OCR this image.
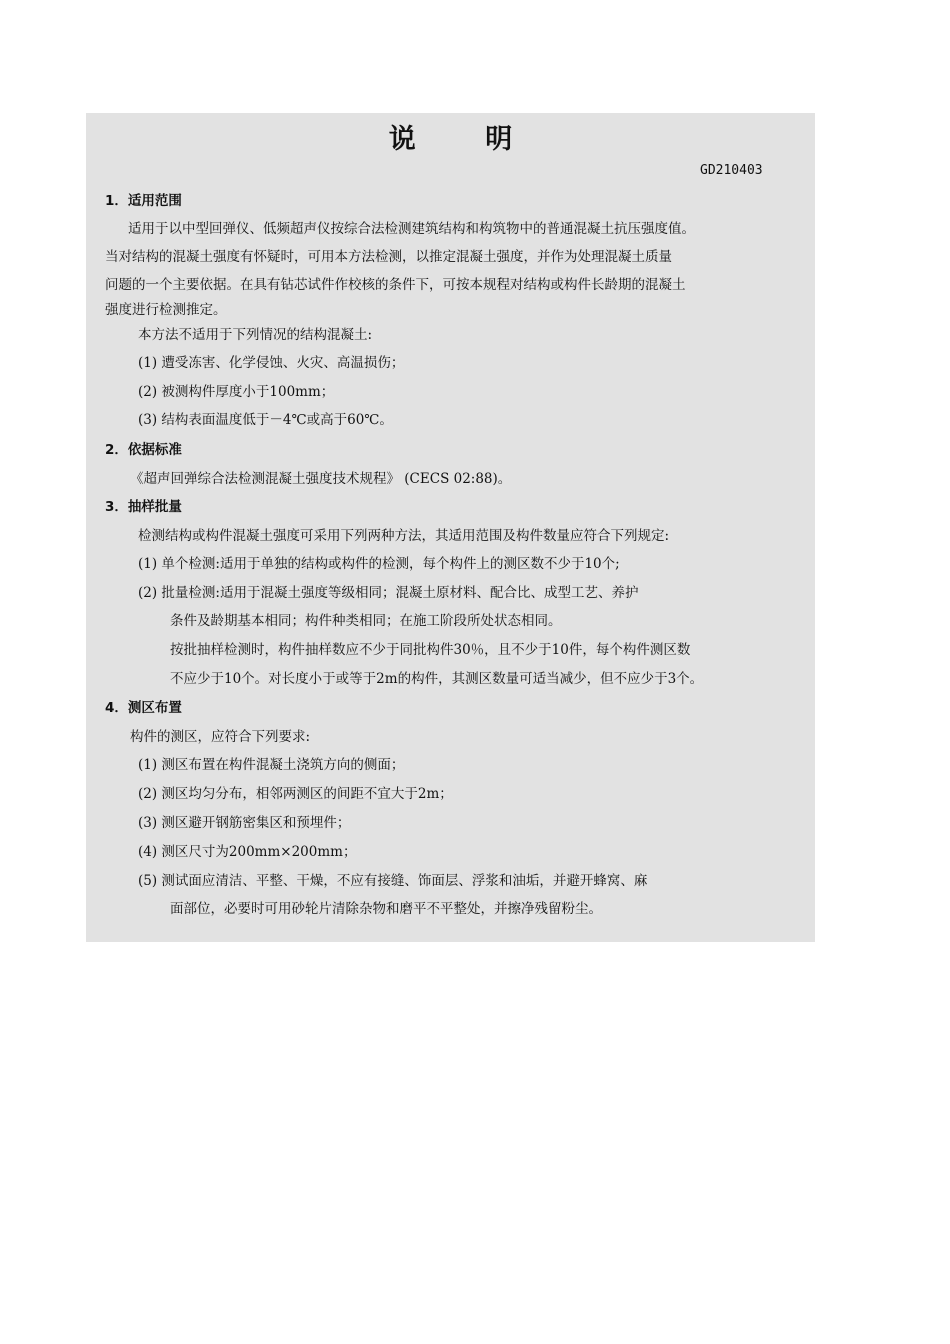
说 明
GD210403
1．适用范围
适用于以中型回弹仪、低频超声仪按综合法检测建筑结构和构筑物中的普通混凝土抗压强度值。
当对结构的混凝土强度有怀疑时，可用本方法检测，以推定混凝土强度，并作为处理混凝土质量
问题的一个主要依据。在具有钻芯试件作校核的条件下，可按本规程对结构或构件长龄期的混凝土
强度进行检测推定。
本方法不适用于下列情况的结构混凝土:
(1) 遭受冻害、化学侵蚀、火灾、高温损伤；
(2) 被测构件厚度小于100mm；
(3) 结构表面温度低于－4℃或高于60℃。
2．依据标准
《超声回弹综合法检测混凝土强度技术规程》 (CECS 02:88)。
3．抽样批量
检测结构或构件混凝土强度可采用下列两种方法，其适用范围及构件数量应符合下列规定:
(1) 单个检测:适用于单独的结构或构件的检测，每个构件上的测区数不少于10个;
(2) 批量检测:适用于混凝土强度等级相同；混凝土原材料、配合比、成型工艺、养护
条件及龄期基本相同；构件种类相同；在施工阶段所处状态相同。
按批抽样检测时，构件抽样数应不少于同批构件30％，且不少于10件，每个构件测区数
不应少于10个。对长度小于或等于2m的构件，其测区数量可适当减少，但不应少于3个。
4．测区布置
构件的测区，应符合下列要求:
(1) 测区布置在构件混凝土浇筑方向的侧面；
(2) 测区均匀分布，相邻两测区的间距不宜大于2m；
(3) 测区避开钢筋密集区和预埋件；
(4) 测区尺寸为200mm×200mm；
(5) 测试面应清洁、平整、干燥，不应有接缝、饰面层、浮浆和油垢，并避开蜂窝、麻
面部位，必要时可用砂轮片清除杂物和磨平不平整处，并擦净残留粉尘。
